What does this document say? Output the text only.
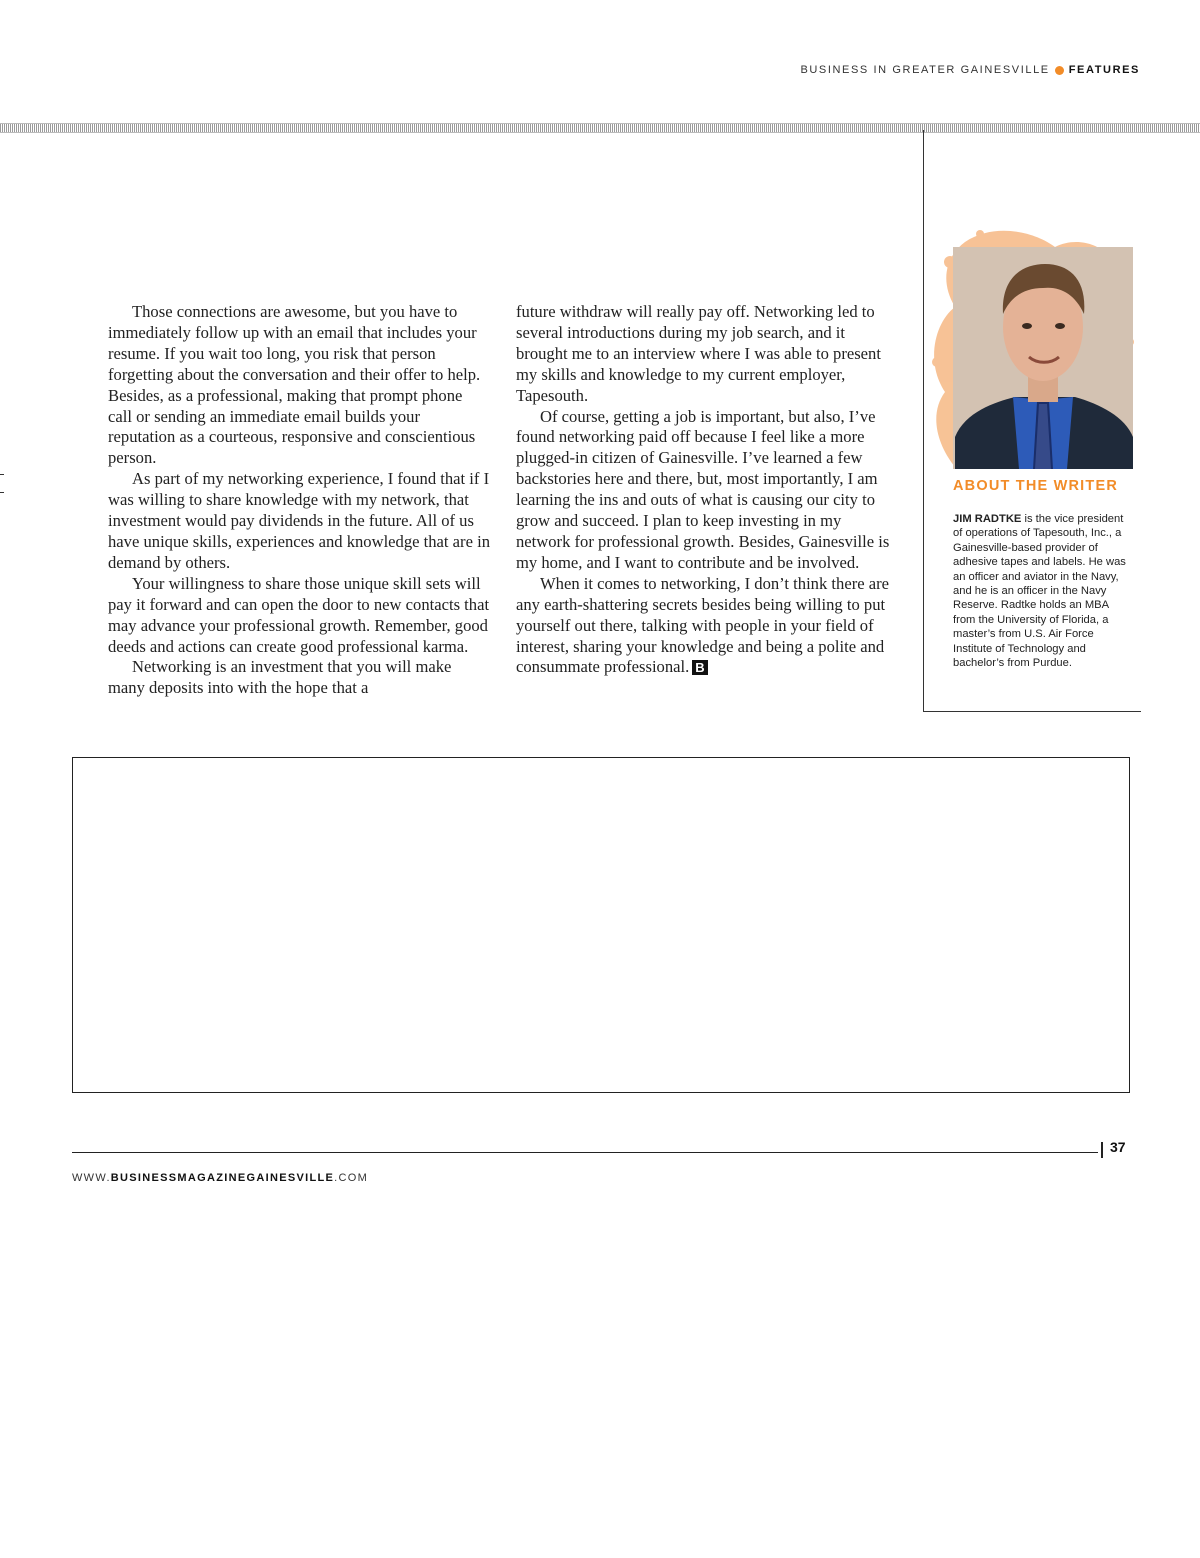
BUSINESS IN GREATER GAINESVILLE FEATURES

Those connections are awesome, but you have to immediately follow up with an email that includes your resume. If you wait too long, you risk that person forgetting about the conversation and their offer to help. Besides, as a professional, making that prompt phone call or sending an immediate email builds your reputation as a courteous, responsive and conscientious person.

As part of my networking experience, I found that if I was willing to share knowledge with my network, that investment would pay dividends in the future. All of us have unique skills, experiences and knowledge that are in demand by others.

Your willingness to share those unique skill sets will pay it forward and can open the door to new contacts that may advance your professional growth. Remember, good deeds and actions can create good professional karma.

Networking is an investment that you will make many deposits into with the hope that a

future withdraw will really pay off. Networking led to several introductions during my job search, and it brought me to an interview where I was able to present my skills and knowledge to my current employer, Tapesouth.

Of course, getting a job is important, but also, I’ve found networking paid off because I feel like a more plugged-in citizen of Gainesville. I’ve learned a few backstories here and there, but, most importantly, I am learning the ins and outs of what is causing our city to grow and succeed. I plan to keep investing in my network for professional growth. Besides, Gainesville is my home, and I want to contribute and be involved.

When it comes to networking, I don’t think there are any earth-shattering secrets besides being willing to put yourself out there, talking with people in your field of interest, sharing your knowledge and being a polite and consummate professional. B

ABOUT THE WRITER
JIM RADTKE is the vice president of operations of Tapesouth, Inc., a Gainesville-based provider of adhesive tapes and labels. He was an officer and aviator in the Navy, and he is an officer in the Navy Reserve. Radtke holds an MBA from the University of Florida, a master’s from U.S. Air Force Institute of Technology and bachelor’s from Purdue.
37
WWW.BUSINESSMAGAZINEGAINESVILLE.COM
